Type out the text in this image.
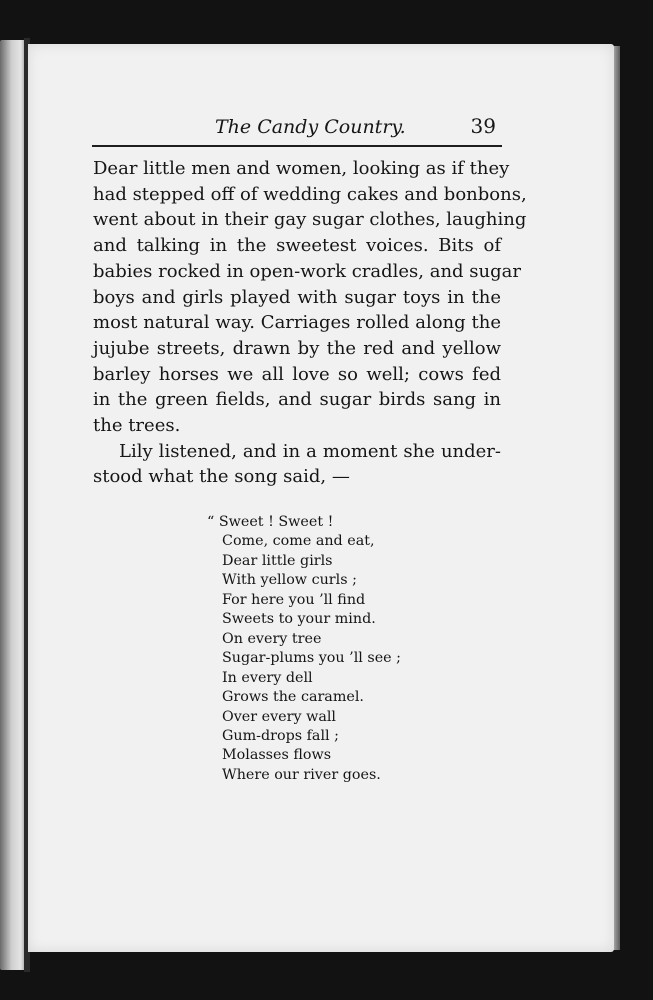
The Candy Country.	39
Dear little men and women, looking as if they
had stepped off of wedding cakes and bonbons,
went about in their gay sugar clothes, laughing
and talking in the sweetest voices. Bits of
babies rocked in open-work cradles, and sugar
boys and girls played with sugar toys in the
most natural way. Carriages rolled along the
jujube streets, drawn by the red and yellow
barley horses we all love so well; cows fed
in the green fields, and sugar birds sang in
the trees.
Lily listened, and in a moment she under-
stood what the song said, —
“ Sweet ! Sweet !
Come, come and eat,
Dear little girls
With yellow curls ;
For here you ’ll find
Sweets to your mind.
On every tree
Sugar-plums you ’ll see ;
In every dell
Grows the caramel.
Over every wall
Gum-drops fall ;
Molasses flows
Where our river goes.
